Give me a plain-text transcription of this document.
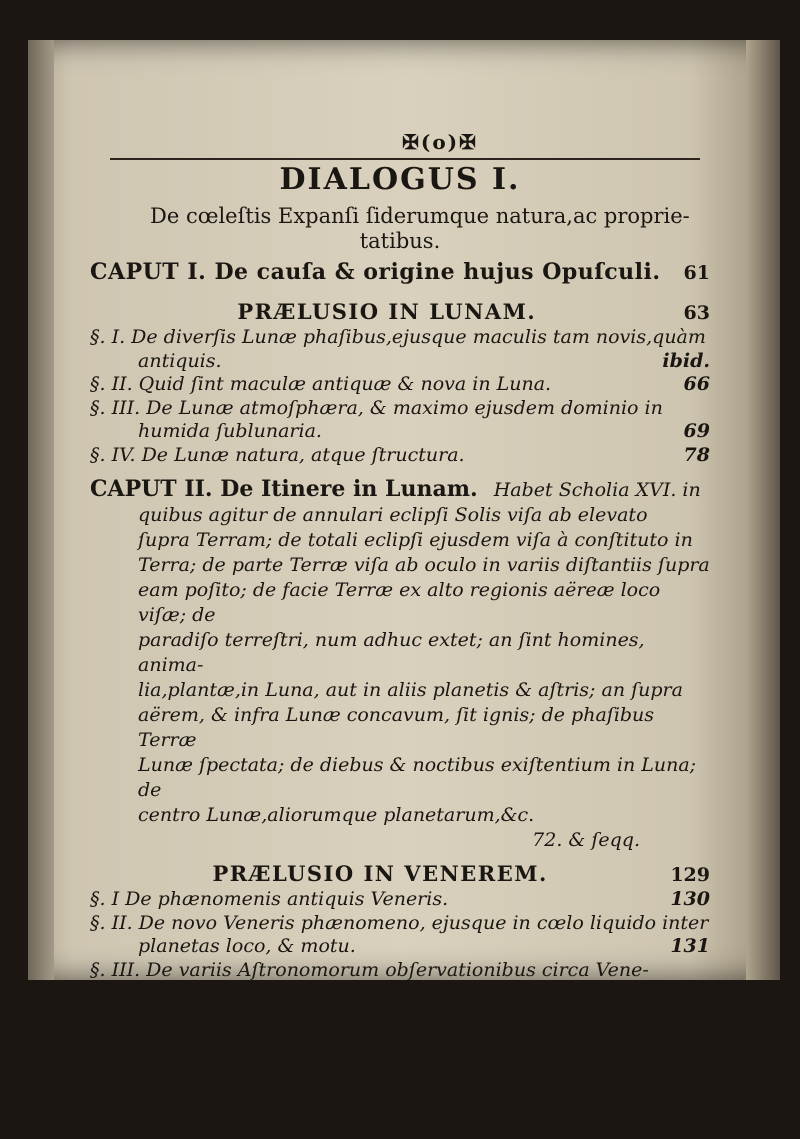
✠(o)✠
DIALOGUS I.
De cœleſtis Expanſi ſiderumque natura,ac proprie-
tatibus.
CAPUT I. De cauſa & origine hujus Opuſculi. 61
PRÆLUSIO IN LUNAM.	63
§. I. De diverſis Lunæ phaſibus,ejusque maculis tam novis,quàm
antiquis.	ibid.
§. II. Quid ſint maculæ antiquæ & nova in Luna.	66
§. III. De Lunæ atmoſphæra, & maximo ejusdem dominio in
humida ſublunaria.	69
§. IV. De Lunæ natura, atque ſtructura.	78
CAPUT II. De Itinere in Lunam. Habet Scholia XVI. in
quibus agitur de annulari eclipſi Solis viſa ab elevato
ſupra Terram; de totali eclipſi ejusdem viſa à conſtituto in
Terra; de parte Terræ viſa ab oculo in variis diſtantiis ſupra
eam poſito; de facie Terræ ex alto regionis aëreæ loco viſæ; de
paradiſo terreſtri, num adhuc extet; an ſint homines, anima-
lia,plantæ,in Luna, aut in aliis planetis & aſtris; an ſupra
aërem, & infra Lunæ concavum, ſit ignis; de phaſibus Terræ
Lunæ ſpectata; de diebus & noctibus exiſtentium in Luna; de
centro Lunæ,aliorumque planetarum,&c.
72. & ſeqq.
PRÆLUSIO IN VENEREM.	129
§. I De phænomenis antiquis Veneris.	130
§. II. De novo Veneris phænomeno, ejusque in cœlo liquido inter
planetas loco, & motu.	131
§. III. De variis Aſtronomorum obſervationibus circa Vene-
rem.	133
§. IV. Aliæ obſervationes,phænomena,& oſtenta Veneris. 136
§. V. De ſtructura & natura globi Veneris.	138
CAPUT III. De Itinere ex Luna in globum Veneris*. Ha-
)()(	bet
